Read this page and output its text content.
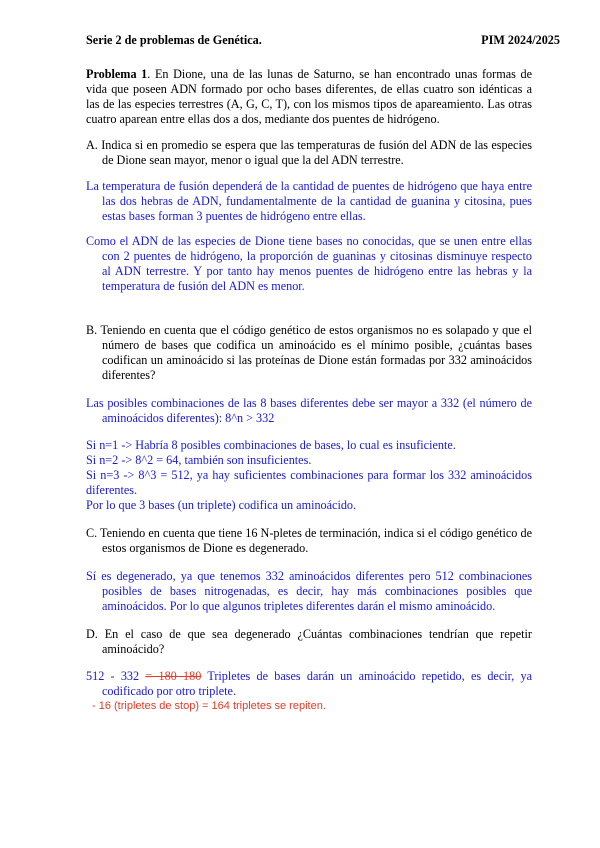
Serie 2 de problemas de Genética.	PIM 2024/2025

Problema 1. En Dione, una de las lunas de Saturno, se han encontrado unas formas de vida que poseen ADN formado por ocho bases diferentes, de ellas cuatro son idénticas a las de las especies terrestres (A, G, C, T), con los mismos tipos de apareamiento. Las otras cuatro aparean entre ellas dos a dos, mediante dos puentes de hidrógeno.

A. Indica si en promedio se espera que las temperaturas de fusión del ADN de las especies de Dione sean mayor, menor o igual que la del ADN terrestre.

La temperatura de fusión dependerá de la cantidad de puentes de hidrógeno que haya entre las dos hebras de ADN, fundamentalmente de la cantidad de guanina y citosina, pues estas bases forman 3 puentes de hidrógeno entre ellas.

Como el ADN de las especies de Dione tiene bases no conocidas, que se unen entre ellas con 2 puentes de hidrógeno, la proporción de guaninas y citosinas disminuye respecto al ADN terrestre. Y por tanto hay menos puentes de hidrógeno entre las hebras y la temperatura de fusión del ADN es menor.

B. Teniendo en cuenta que el código genético de estos organismos no es solapado y que el número de bases que codifica un aminoácido es el mínimo posible, ¿cuántas bases codifican un aminoácido si las proteínas de Dione están formadas por 332 aminoácidos diferentes?

Las posibles combinaciones de las 8 bases diferentes debe ser mayor a 332 (el número de aminoácidos diferentes): 8^n > 332

Si n=1 -> Habría 8 posibles combinaciones de bases, lo cual es insuficiente.

Si n=2 -> 8^2 = 64, también son insuficientes.

Si n=3 -> 8^3 = 512, ya hay suficientes combinaciones para formar los 332 aminoácidos diferentes.

Por lo que 3 bases (un triplete) codifica un aminoácido.

C. Teniendo en cuenta que tiene 16 N-pletes de terminación, indica si el código genético de estos organismos de Dione es degenerado.

Sí es degenerado, ya que tenemos 332 aminoácidos diferentes pero 512 combinaciones posibles de bases nitrogenadas, es decir, hay más combinaciones posibles que aminoácidos. Por lo que algunos tripletes diferentes darán el mismo aminoácido.

D. En el caso de que sea degenerado ¿Cuántas combinaciones tendrían que repetir aminoácido?

512 - 332 = 180 180 Tripletes de bases darán un aminoácido repetido, es decir, ya codificado por otro triplete.

- 16 (tripletes de stop) = 164 tripletes se repiten.
